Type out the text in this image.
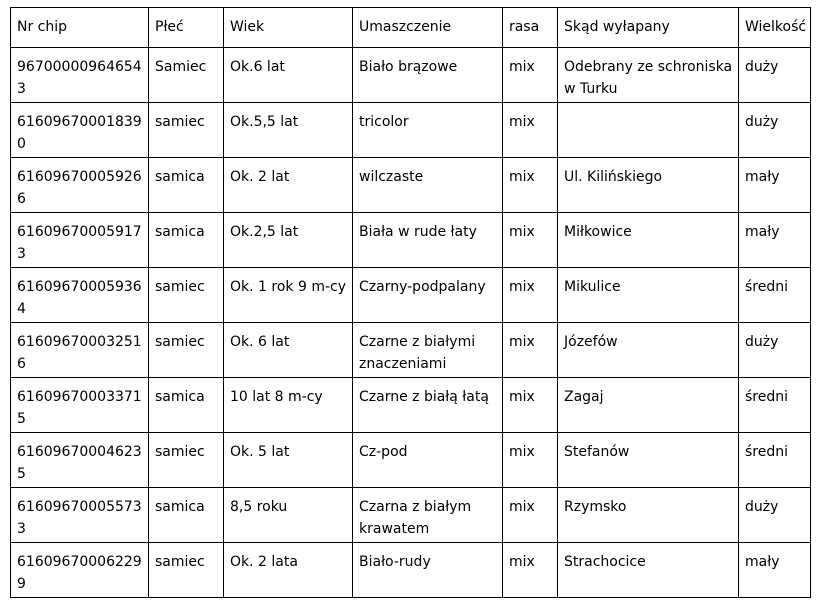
Nr chip	Płeć	Wiek	Umaszczenie	rasa	Skąd wyłapany	Wielkość
967000009646543	Samiec	Ok.6 lat	Biało brązowe	mix	Odebrany ze schroniska w Turku	duży
616096700018390	samiec	Ok.5,5 lat	tricolor	mix		duży
616096700059266	samica	Ok. 2 lat	wilczaste	mix	Ul. Kilińskiego	mały
616096700059173	samica	Ok.2,5 lat	Biała w rude łaty	mix	Miłkowice	mały
616096700059364	samiec	Ok. 1 rok 9 m-cy	Czarny-podpalany	mix	Mikulice	średni
616096700032516	samiec	Ok. 6 lat	Czarne z białymi znaczeniami	mix	Józefów	duży
616096700033715	samica	10 lat 8 m-cy	Czarne z białą łatą	mix	Zagaj	średni
616096700046235	samiec	Ok. 5 lat	Cz-pod	mix	Stefanów	średni
616096700055733	samica	8,5 roku	Czarna z białym krawatem	mix	Rzymsko	duży
616096700062299	samiec	Ok. 2 lata	Biało-rudy	mix	Strachocice	mały
